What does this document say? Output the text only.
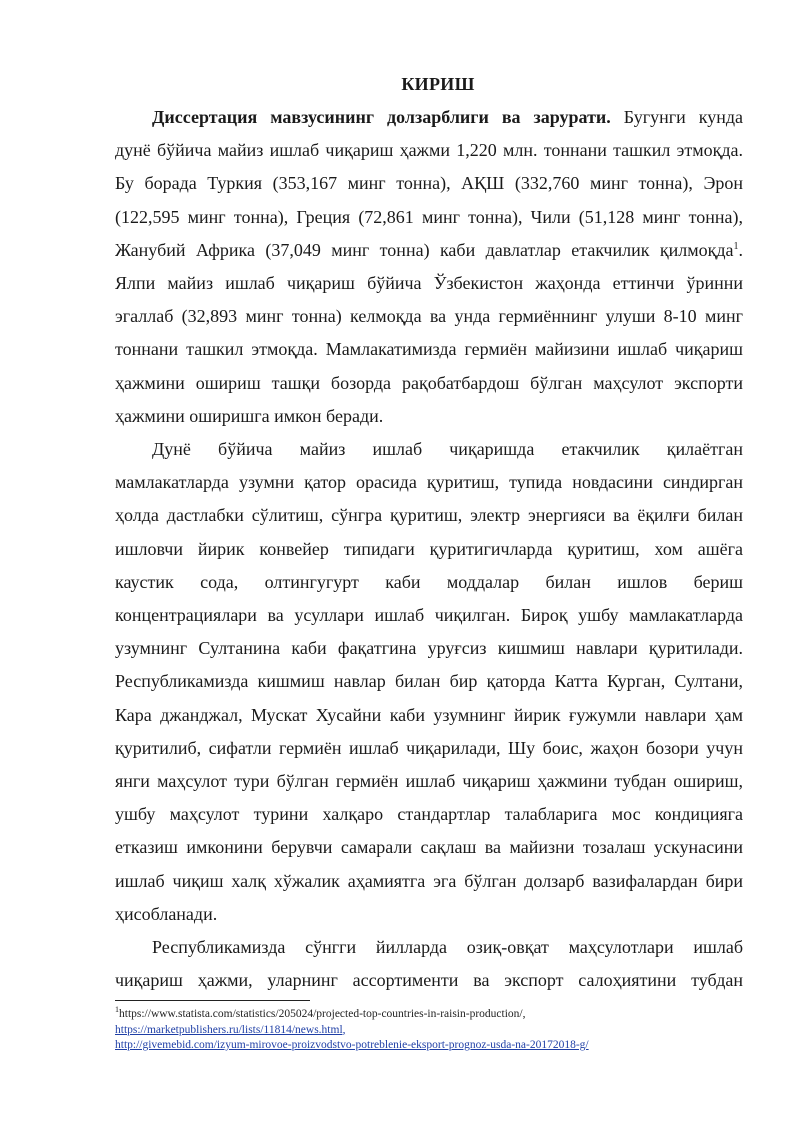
КИРИШ
Диссертация мавзусининг долзарблиги ва зарурати. Бугунги кунда
дунё бўйича майиз ишлаб чиқариш ҳажми 1,220 млн. тоннани ташкил этмоқда.
Бу борада Туркия (353,167 минг тонна), АҚШ (332,760 минг тонна), Эрон
(122,595 минг тонна), Греция (72,861 минг тонна), Чили (51,128 минг тонна),
Жанубий Африка (37,049 минг тонна) каби давлатлар етакчилик қилмоқда$^1$.
Ялпи майиз ишлаб чиқариш бўйича Ўзбекистон жаҳонда еттинчи ўринни
эгаллаб (32,893 минг тонна) келмоқда ва унда гермиённинг улуши 8-10 минг
тоннани ташкил этмоқда. Мамлакатимизда гермиён майизини ишлаб чиқариш
ҳажмини ошириш ташқи бозорда рақобатбардош бўлган маҳсулот экспорти
ҳажмини оширишга имкон беради.
Дунё бўйича майиз ишлаб чиқаришда етакчилик қилаётган
мамлакатларда узумни қатор орасида қуритиш, тупида новдасини синдирган
ҳолда дастлабки сўлитиш, сўнгра қуритиш, электр энергияси ва ёқилғи билан
ишловчи йирик конвейер типидаги қуритигичларда қуритиш, хом ашёга
каустик сода, олтингугурт каби моддалар билан ишлов бериш
концентрациялари ва усуллари ишлаб чиқилган. Бироқ ушбу мамлакатларда
узумнинг Султанина каби фақатгина уруғсиз кишмиш навлари қуритилади.
Республикамизда кишмиш навлар билан бир қаторда Катта Курган, Султани,
Кара джанджал, Мускат Хусайни каби узумнинг йирик ғужумли навлари ҳам
қуритилиб, сифатли гермиён ишлаб чиқарилади, Шу боис, жаҳон бозори учун
янги маҳсулот тури бўлган гермиён ишлаб чиқариш ҳажмини тубдан ошириш,
ушбу маҳсулот турини халқаро стандартлар талабларига мос кондицияга
етказиш имконини берувчи самарали сақлаш ва майизни тозалаш ускунасини
ишлаб чиқиш халқ хўжалик аҳамиятга эга бўлган долзарб вазифалардан бири
ҳисобланади.
Республикамизда сўнгги йилларда озиқ-овқат маҳсулотлари ишлаб
чиқариш ҳажми, уларнинг ассортименти ва экспорт салоҳиятини тубдан
$^1$https://www.statista.com/statistics/205024/projected-top-countries-in-raisin-production/,
https://marketpublishers.ru/lists/11814/news.html,
http://givemebid.com/izyum-mirovoe-proizvodstvo-potreblenie-eksport-prognoz-usda-na-20172018-g/
